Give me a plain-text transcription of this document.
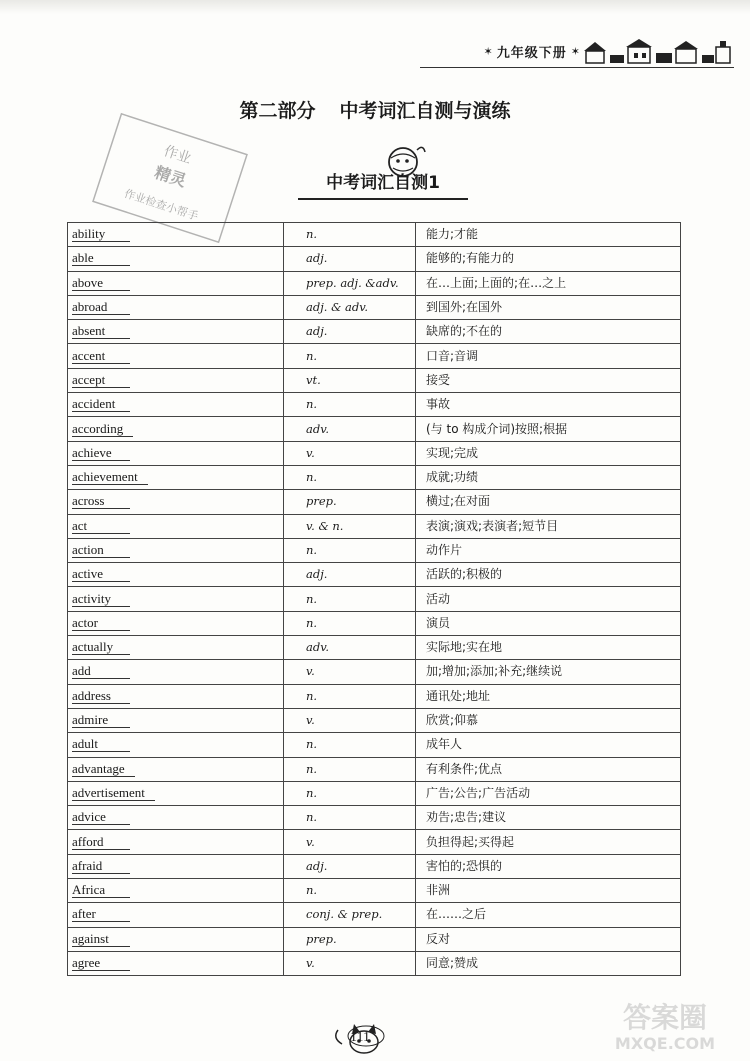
✶ 九年级下册 ✶
第二部分 中考词汇自测与演练
作业
精灵
作业检查小帮手
中考词汇自测1
ability	n.	能力;才能
able	adj.	能够的;有能力的
above	prep. adj. &adv.	在…上面;上面的;在…之上
abroad	adj. & adv.	到国外;在国外
absent	adj.	缺席的;不在的
accent	n.	口音;音调
accept	vt.	接受
accident	n.	事故
according	adv.	(与 to 构成介词)按照;根据
achieve	v.	实现;完成
achievement	n.	成就;功绩
across	prep.	横过;在对面
act	v. & n.	表演;演戏;表演者;短节目
action	n.	动作片
active	adj.	活跃的;积极的
activity	n.	活动
actor	n.	演员
actually	adv.	实际地;实在地
add	v.	加;增加;添加;补充;继续说
address	n.	通讯处;地址
admire	v.	欣赏;仰慕
adult	n.	成年人
advantage	n.	有利条件;优点
advertisement	n.	广告;公告;广告活动
advice	n.	劝告;忠告;建议
afford	v.	负担得起;买得起
afraid	adj.	害怕的;恐惧的
Africa	n.	非洲
after	conj. & prep.	在……之后
against	prep.	反对
agree	v.	同意;赞成
111
答案圈
MXQE.COM
